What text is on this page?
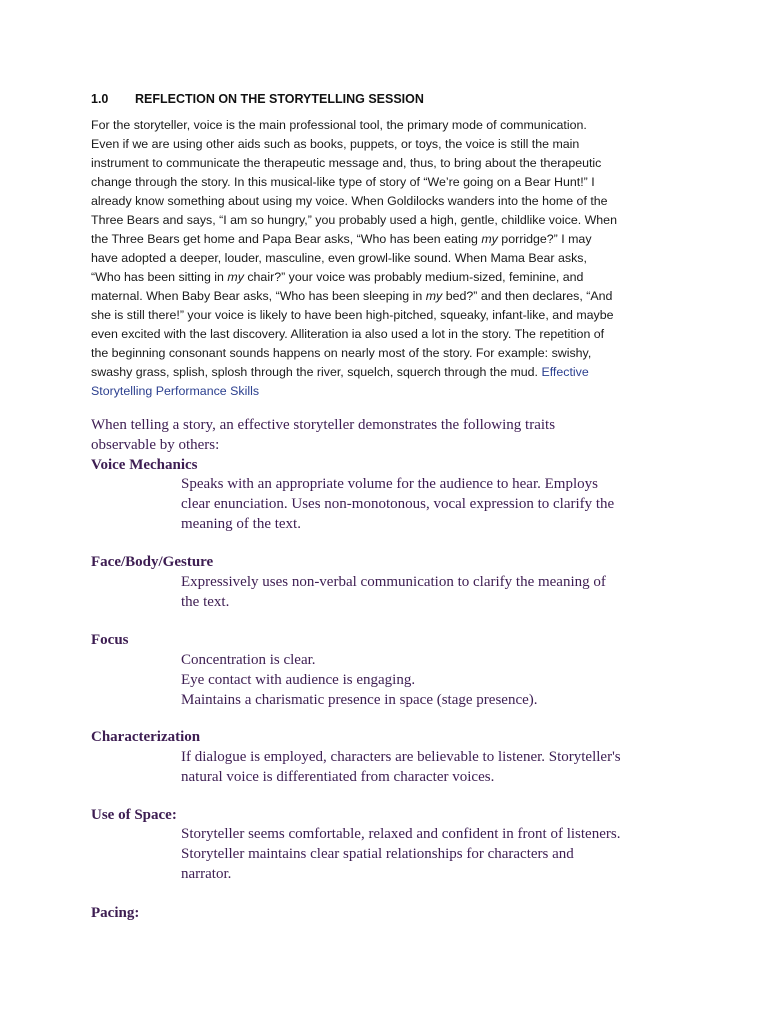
1.0 REFLECTION ON THE STORYTELLING SESSION
For the storyteller, voice is the main professional tool, the primary mode of communication.
Even if we are using other aids such as books, puppets, or toys, the voice is still the main
instrument to communicate the therapeutic message and, thus, to bring about the therapeutic
change through the story. In this musical-like type of story of “We’re going on a Bear Hunt!” I
already know something about using my voice. When Goldilocks wanders into the home of the
Three Bears and says, “I am so hungry,” you probably used a high, gentle, childlike voice. When
the Three Bears get home and Papa Bear asks, “Who has been eating my porridge?” I may
have adopted a deeper, louder, masculine, even growl-like sound. When Mama Bear asks,
“Who has been sitting in my chair?” your voice was probably medium-sized, feminine, and
maternal. When Baby Bear asks, “Who has been sleeping in my bed?” and then declares, “And
she is still there!” your voice is likely to have been high-pitched, squeaky, infant-like, and maybe
even excited with the last discovery. Alliteration ia also used a lot in the story. The repetition of
the beginning consonant sounds happens on nearly most of the story. For example: swishy,
swashy grass, splish, splosh through the river, squelch, squerch through the mud. Effective
Storytelling Performance Skills
When telling a story, an effective storyteller demonstrates the following traits
observable by others:
Voice Mechanics
Speaks with an appropriate volume for the audience to hear. Employs
clear enunciation. Uses non-monotonous, vocal expression to clarify the
meaning of the text.
Face/Body/Gesture
Expressively uses non-verbal communication to clarify the meaning of
the text.
Focus
Concentration is clear.
Eye contact with audience is engaging.
Maintains a charismatic presence in space (stage presence).
Characterization
If dialogue is employed, characters are believable to listener. Storyteller's
natural voice is differentiated from character voices.
Use of Space:
Storyteller seems comfortable, relaxed and confident in front of listeners.
Storyteller maintains clear spatial relationships for characters and
narrator.
Pacing:
